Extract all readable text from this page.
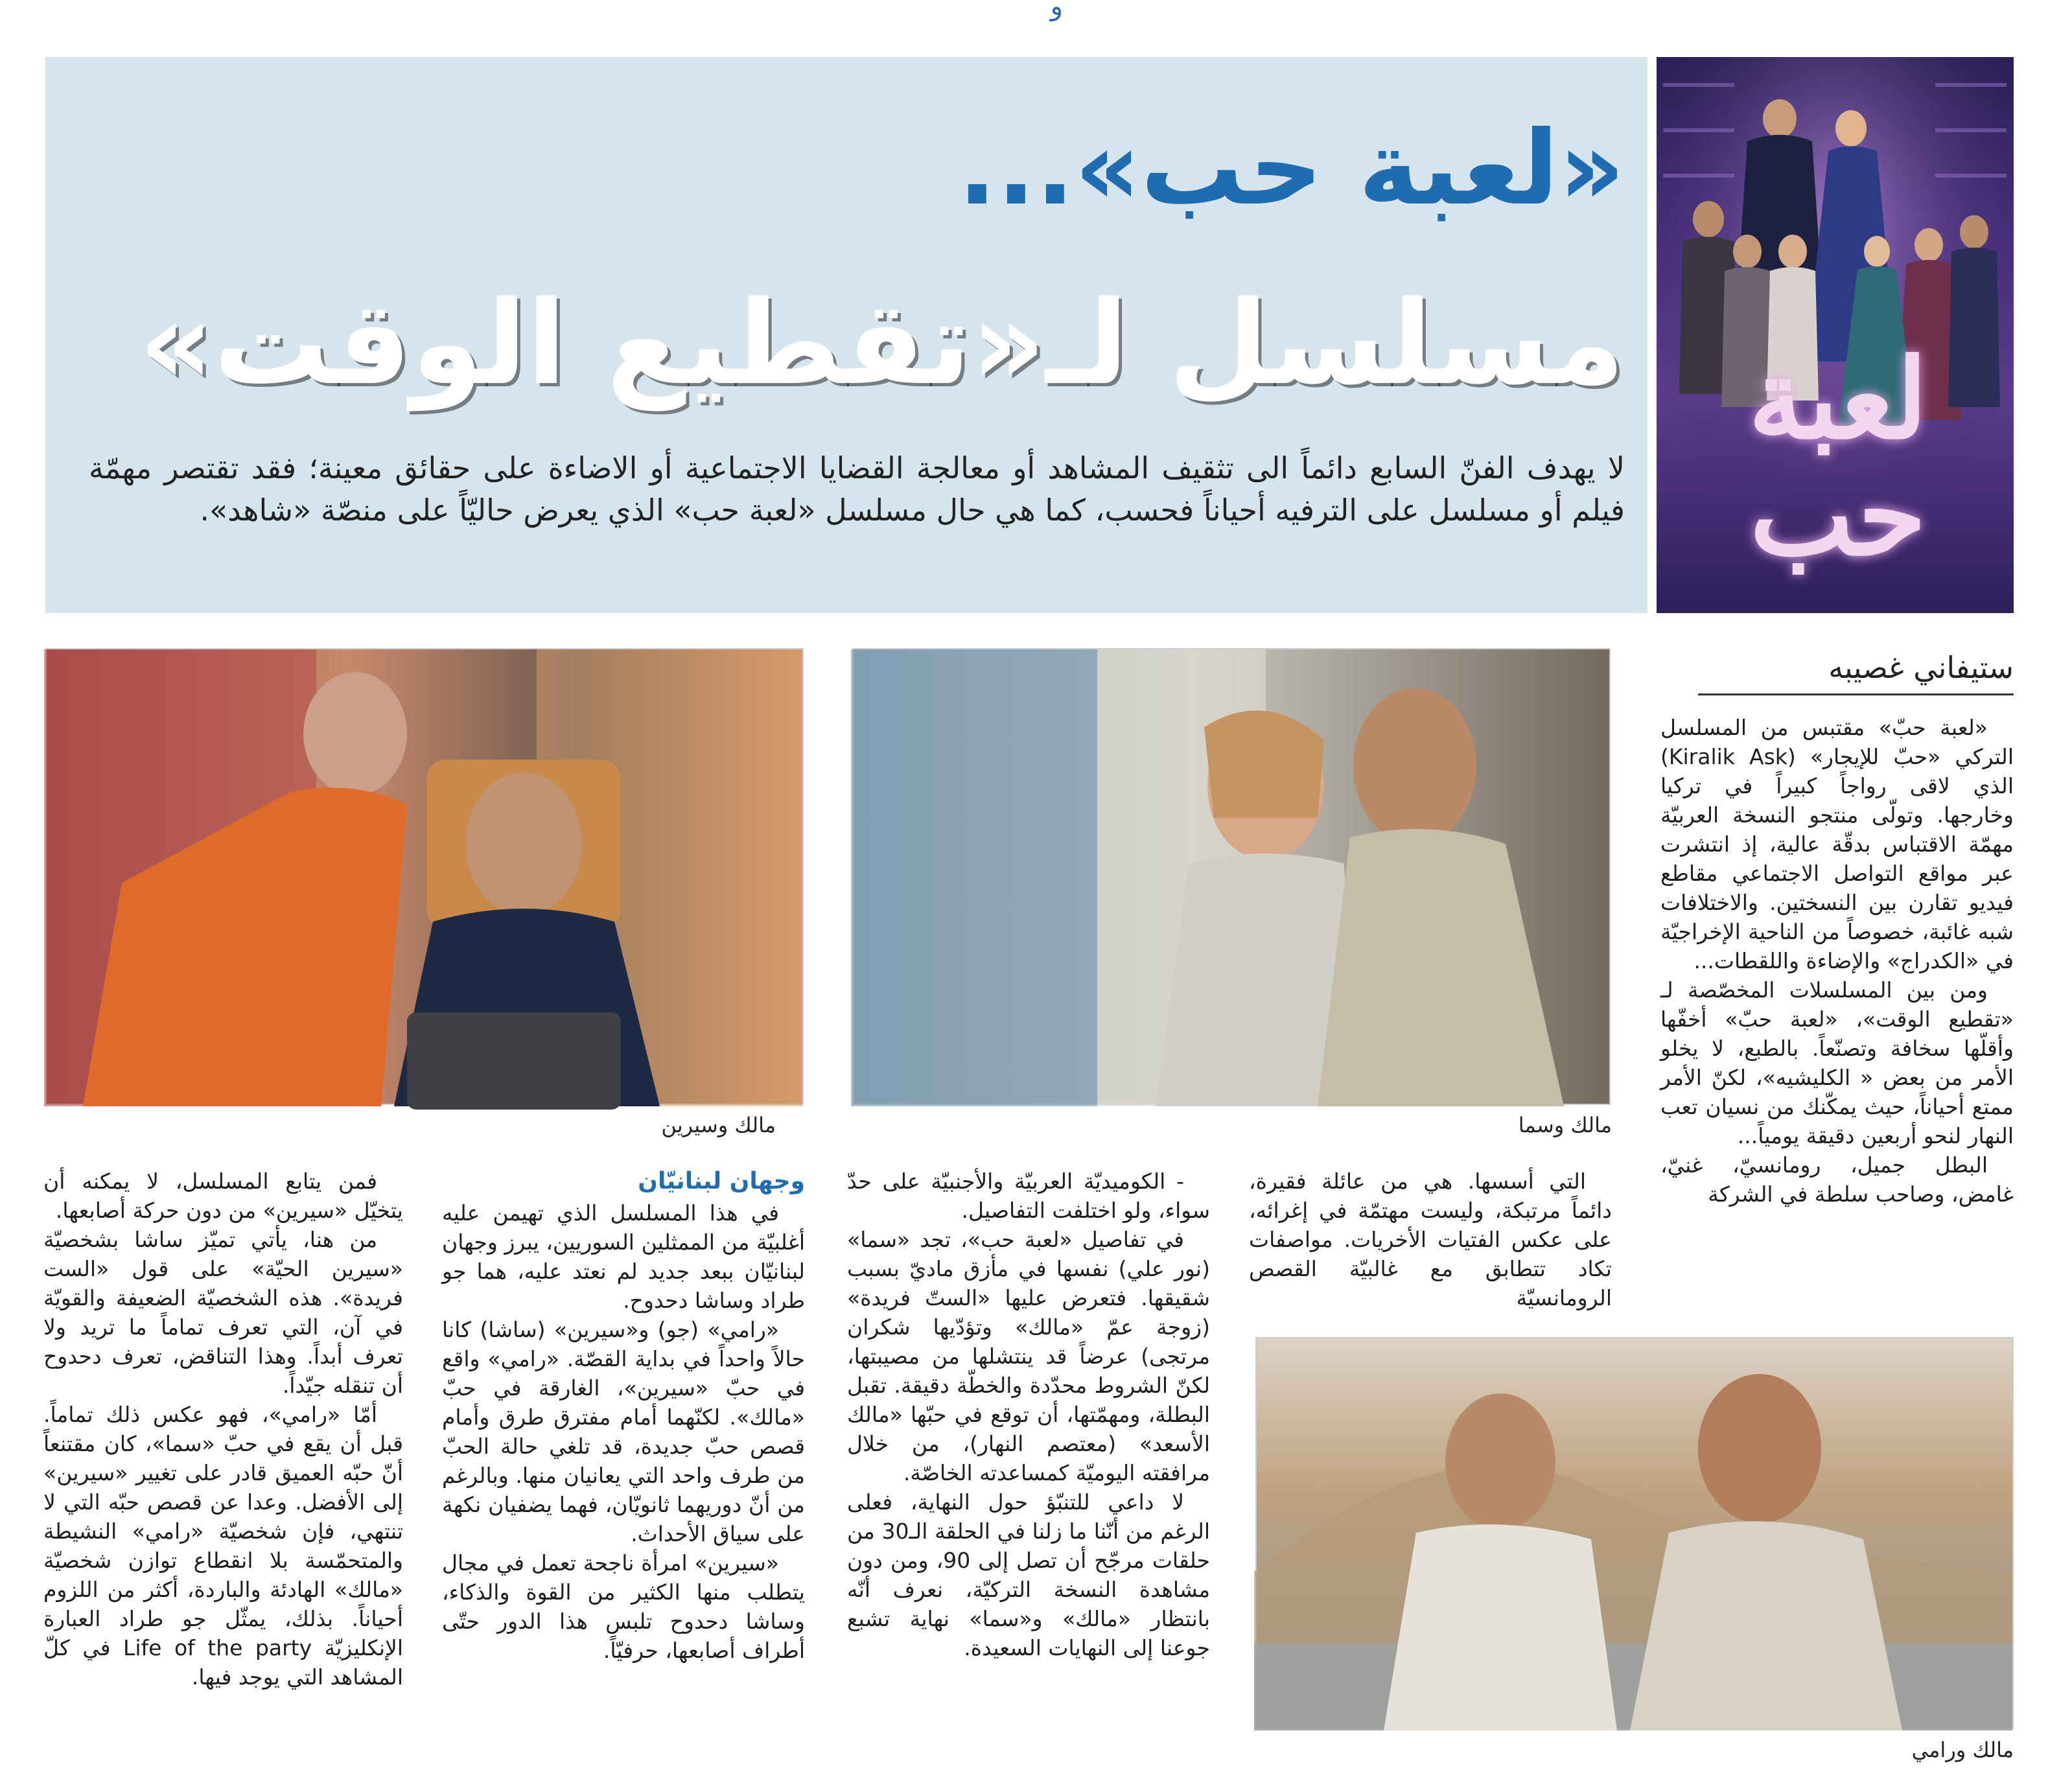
و
«لعبة حب»...
مسلسل لـ«تقطيع الوقت»
لا يهدف الفنّ السابع دائماً الى تثقيف المشاهد أو معالجة القضايا الاجتماعية أو الاضاءة على حقائق معينة؛ فقد تقتصر مهمّة فيلم أو مسلسل على الترفيه أحياناً فحسب، كما هي حال مسلسل «لعبة حب» الذي يعرض حاليّاً على منصّة «شاهد».
لعبة حب
ستيفاني غصيبه
مالك وسيرين	مالك وسما
مالك ورامي

«لعبة حبّ» مقتبس من المسلسل التركي «حبّ للإيجار» (Kiralik Ask) الذي لاقى رواجاً كبيراً في تركيا وخارجها. وتولّى منتجو النسخة العربيّة مهمّة الاقتباس بدقّة عالية، إذ انتشرت عبر مواقع التواصل الاجتماعي مقاطع فيديو تقارن بين النسختين. والاختلافات شبه غائبة، خصوصاً من الناحية الإخراجيّة في «الكدراج» والإضاءة واللقطات...

ومن بين المسلسلات المخصّصة لـ «تقطيع الوقت»، «لعبة حبّ» أخفّها وأقلّها سخافة وتصنّعاً. بالطبع، لا يخلو الأمر من بعض « الكليشيه»، لكنّ الأمر ممتع أحياناً، حيث يمكّنك من نسيان تعب النهار لنحو أربعين دقيقة يومياً...

البطل جميل، رومانسيّ، غنيّ، غامض، وصاحب سلطة في الشركة

التي أسسها. هي من عائلة فقيرة، دائماً مرتبكة، وليست مهتمّة في إغرائه، على عكس الفتيات الأخريات. مواصفات تكاد تتطابق مع غالبيّة القصص الرومانسيّة

- الكوميديّة العربيّة والأجنبيّة على حدّ سواء، ولو اختلفت التفاصيل.

في تفاصيل «لعبة حب»، تجد «سما» (نور علي) نفسها في مأزق ماديّ بسبب شقيقها. فتعرض عليها «الستّ فريدة» (زوجة عمّ «مالك» وتؤدّيها شكران مرتجى) عرضاً قد ينتشلها من مصيبتها، لكنّ الشروط محدّدة والخطّة دقيقة. تقبل البطلة، ومهمّتها، أن توقع في حبّها «مالك الأسعد» (معتصم النهار)، من خلال مرافقته اليوميّة كمساعدته الخاصّة.

لا داعي للتنبّؤ حول النهاية، فعلى الرغم من أنّنا ما زلنا في الحلقة الـ30 من حلقات مرجّح أن تصل إلى 90، ومن دون مشاهدة النسخة التركيّة، نعرف أنّه بانتظار «مالك» و«سما» نهاية تشبع جوعنا إلى النهايات السعيدة.

وجهان لبنانيّان

في هذا المسلسل الذي تهيمن عليه أغلبيّة من الممثلين السوريين، يبرز وجهان لبنانيّان ببعد جديد لم نعتد عليه، هما جو طراد وساشا دحدوح.

«رامي» (جو) و«سيرين» (ساشا) كانا حالاً واحداً في بداية القصّة. «رامي» واقع في حبّ «سيرين»، الغارقة في حبّ «مالك». لكنّهما أمام مفترق طرق وأمام قصص حبّ جديدة، قد تلغي حالة الحبّ من طرف واحد التي يعانيان منها. وبالرغم من أنّ دوريهما ثانويّان، فهما يضفيان نكهة على سياق الأحداث.

«سيرين» امرأة ناجحة تعمل في مجال يتطلب منها الكثير من القوة والذكاء، وساشا دحدوح تلبس هذا الدور حتّى أطراف أصابعها، حرفيّاً.

فمن يتابع المسلسل، لا يمكنه أن يتخيّل «سيرين» من دون حركة أصابعها.

من هنا، يأتي تميّز ساشا بشخصيّة «سيرين الحيّة» على قول «الست فريدة». هذه الشخصيّة الضعيفة والقويّة في آن، التي تعرف تماماً ما تريد ولا تعرف أبداً. وهذا التناقض، تعرف دحدوح أن تنقله جيّداً.

أمّا «رامي»، فهو عكس ذلك تماماً. قبل أن يقع في حبّ «سما»، كان مقتنعاً أنّ حبّه العميق قادر على تغيير «سيرين» إلى الأفضل. وعدا عن قصص حبّه التي لا تنتهي، فإن شخصيّة «رامي» النشيطة والمتحمّسة بلا انقطاع توازن شخصيّة «مالك» الهادئة والباردة، أكثر من اللزوم أحياناً. بذلك، يمثّل جو طراد العبارة الإنكليزيّة Life of the party في كلّ المشاهد التي يوجد فيها.
